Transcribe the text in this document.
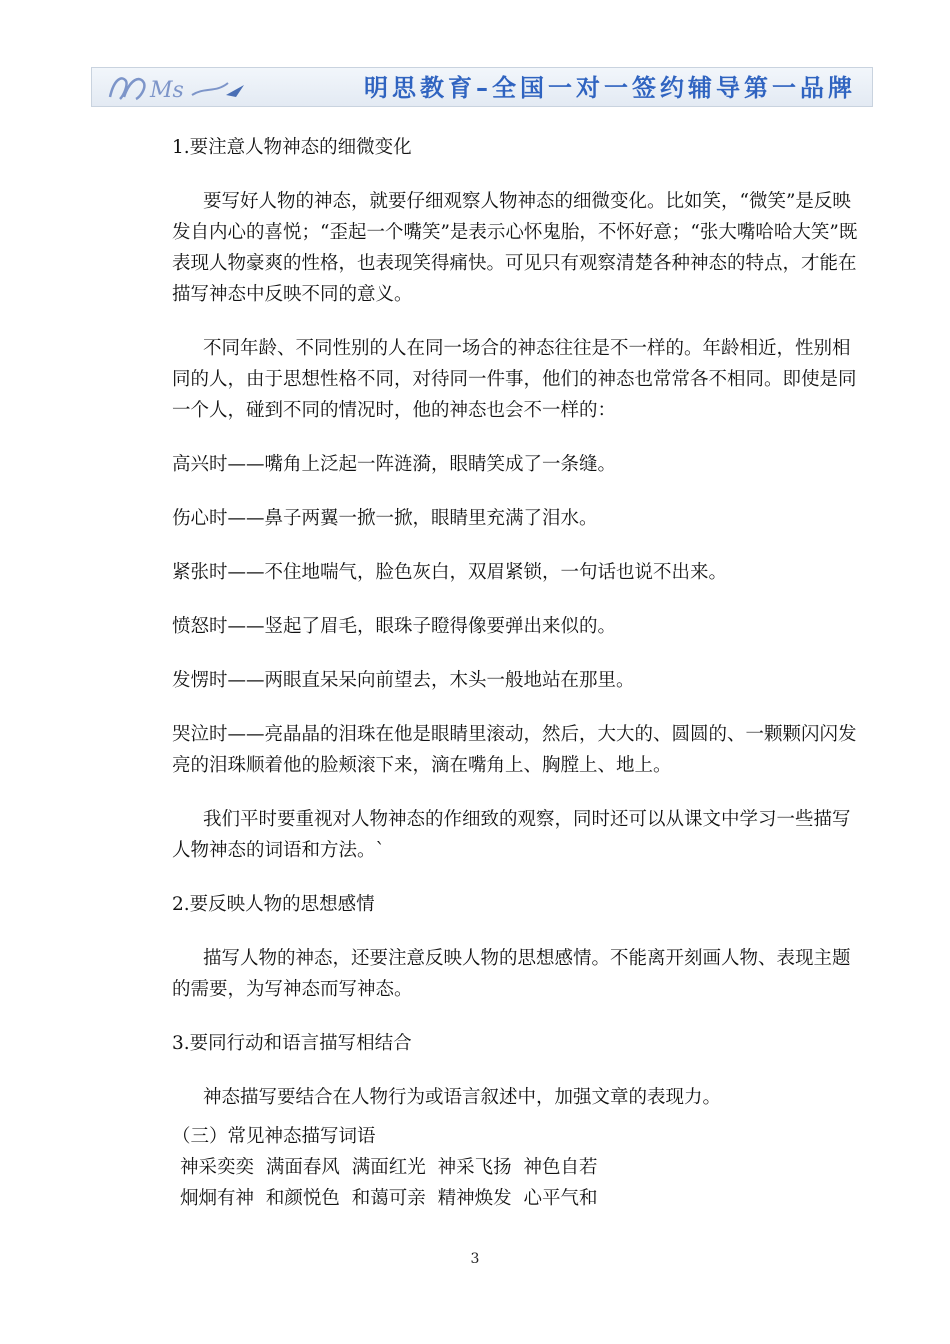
Ms	明思教育–全国一对一签约辅导第一品牌

1.要注意人物神态的细微变化

要写好人物的神态，就要仔细观察人物神态的细微变化。比如笑，“微笑”是反映发自内心的喜悦；“歪起一个嘴笑”是表示心怀鬼胎，不怀好意；“张大嘴哈哈大笑”既表现人物豪爽的性格，也表现笑得痛快。可见只有观察清楚各种神态的特点，才能在描写神态中反映不同的意义。

不同年龄、不同性别的人在同一场合的神态往往是不一样的。年龄相近，性别相同的人，由于思想性格不同，对待同一件事，他们的神态也常常各不相同。即使是同一个人，碰到不同的情况时，他的神态也会不一样的：

高兴时——嘴角上泛起一阵涟漪，眼睛笑成了一条缝。

伤心时——鼻子两翼一掀一掀，眼睛里充满了泪水。

紧张时——不住地喘气，脸色灰白，双眉紧锁，一句话也说不出来。

愤怒时——竖起了眉毛，眼珠子瞪得像要弹出来似的。

发愣时——两眼直呆呆向前望去，木头一般地站在那里。

哭泣时——亮晶晶的泪珠在他是眼睛里滚动，然后，大大的、圆圆的、一颗颗闪闪发亮的泪珠顺着他的脸颊滚下来，滴在嘴角上、胸膛上、地上。

我们平时要重视对人物神态的作细致的观察，同时还可以从课文中学习一些描写人物神态的词语和方法。`

2.要反映人物的思想感情

描写人物的神态，还要注意反映人物的思想感情。不能离开刻画人物、表现主题的需要，为写神态而写神态。

3.要同行动和语言描写相结合

神态描写要结合在人物行为或语言叙述中，加强文章的表现力。

（三）常见神态描写词语

神采奕奕 满面春风 满面红光 神采飞扬 神色自若

炯炯有神 和颜悦色 和蔼可亲 精神焕发 心平气和

3
